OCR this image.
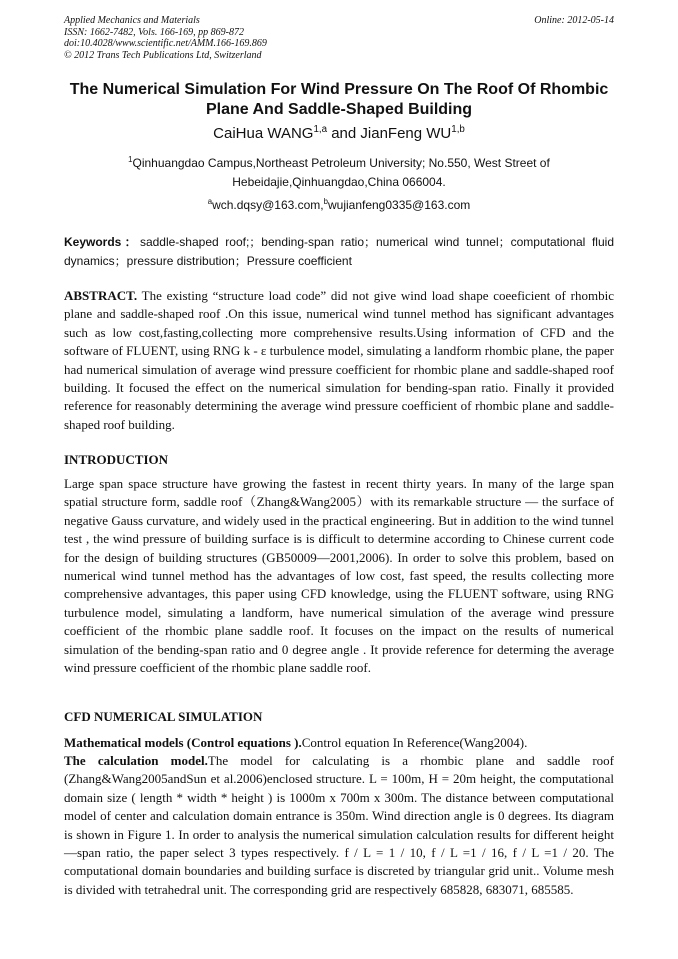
Applied Mechanics and Materials
ISSN: 1662-7482, Vols. 166-169, pp 869-872
doi:10.4028/www.scientific.net/AMM.166-169.869
© 2012 Trans Tech Publications Ltd, Switzerland
Online: 2012-05-14
The Numerical Simulation For Wind Pressure On The Roof Of Rhombic
Plane And Saddle-Shaped Building
CaiHua WANG$^{1,a}$ and JianFeng WU$^{1,b}$
$^1$Qinhuangdao Campus,Northeast Petroleum University; No.550, West Street of
Hebeidajie,Qinhuangdao,China 066004.
$^a$wch.dqsy@163.com,$^b$wujianfeng0335@163.com
Keywords：saddle-shaped roof;；bending-span ratio；numerical wind tunnel；computational fluid dynamics；pressure distribution；Pressure coefficient
ABSTRACT. The existing “structure load code” did not give wind load shape coeeficient of rhombic plane and saddle-shaped roof .On this issue, numerical wind tunnel method has significant advantages such as low cost,fasting,collecting more comprehensive results.Using information of CFD and the software of FLUENT, using RNG k - ε turbulence model, simulating a landform rhombic plane, the paper had numerical simulation of average wind pressure coefficient for rhombic plane and saddle-shaped roof building. It focused the effect on the numerical simulation for bending-span ratio. Finally it provided reference for reasonably determining the average wind pressure coefficient of rhombic plane and saddle-shaped roof building.
INTRODUCTION
Large span space structure have growing the fastest in recent thirty years. In many of the large span spatial structure form, saddle roof（Zhang&Wang2005）with its remarkable structure — the surface of negative Gauss curvature, and widely used in the practical engineering. But in addition to the wind tunnel test , the wind pressure of building surface is is difficult to determine according to Chinese current code for the design of building structures (GB50009—2001,2006). In order to solve this problem, based on numerical wind tunnel method has the advantages of low cost, fast speed, the results collecting more comprehensive advantages, this paper using CFD knowledge, using the FLUENT software, using RNG turbulence model, simulating a landform, have numerical simulation of the average wind pressure coefficient of the rhombic plane saddle roof. It focuses on the impact on the results of numerical simulation of the bending-span ratio and 0 degree angle . It provide reference for determing the average wind pressure coefficient of the rhombic plane saddle roof.
CFD NUMERICAL SIMULATION
Mathematical models (Control equations ).Control equation In Reference(Wang2004).
The calculation model.The model for calculating is a rhombic plane and saddle roof (Zhang&Wang2005andSun et al.2006)enclosed structure. L = 100m, H = 20m height, the computational domain size ( length * width * height ) is 1000m x 700m x 300m. The distance between computational model of center and calculation domain entrance is 350m. Wind direction angle is 0 degrees. Its diagram is shown in Figure 1. In order to analysis the numerical simulation calculation results for different height—span ratio, the paper select 3 types respectively. f / L = 1 / 10, f / L =1 / 16, f / L =1 / 20. The computational domain boundaries and building surface is discreted by triangular grid unit.. Volume mesh is divided with tetrahedral unit. The corresponding grid are respectively 685828, 683071, 685585.
